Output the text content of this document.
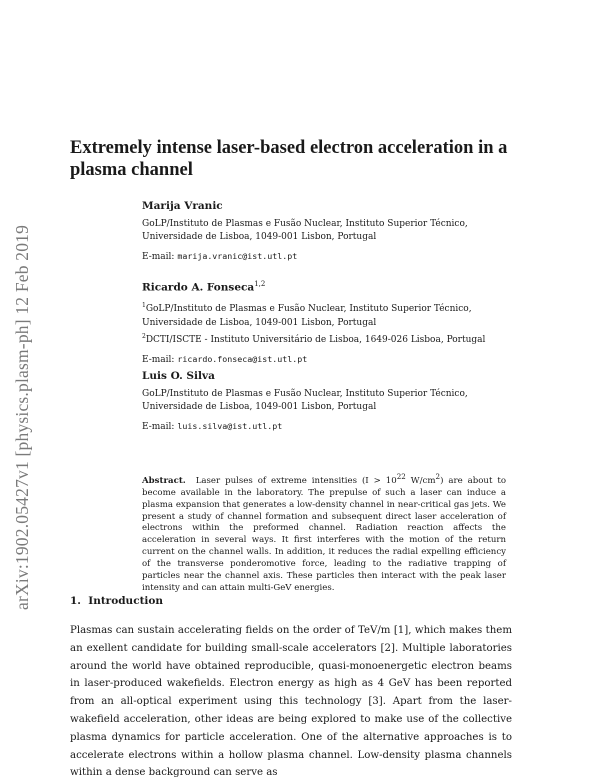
arXiv:1902.05427v1 [physics.plasm-ph] 12 Feb 2019
Extremely intense laser-based electron acceleration in a plasma channel
Marija Vranic
GoLP/Instituto de Plasmas e Fusão Nuclear, Instituto Superior Técnico,
Universidade de Lisboa, 1049-001 Lisbon, Portugal
E-mail: marija.vranic@ist.utl.pt
Ricardo A. Fonseca$^{1,2}$
$^1$GoLP/Instituto de Plasmas e Fusão Nuclear, Instituto Superior Técnico,
Universidade de Lisboa, 1049-001 Lisbon, Portugal
$^2$DCTI/ISCTE - Instituto Universitário de Lisboa, 1649-026 Lisboa, Portugal
E-mail: ricardo.fonseca@ist.utl.pt
Luis O. Silva
GoLP/Instituto de Plasmas e Fusão Nuclear, Instituto Superior Técnico,
Universidade de Lisboa, 1049-001 Lisbon, Portugal
E-mail: luis.silva@ist.utl.pt

Abstract. Laser pulses of extreme intensities ($I > 10^{22}$ $W/cm^2$) are about to become available in the laboratory. The prepulse of such a laser can induce a plasma expansion that generates a low-density channel in near-critical gas jets. We present a study of channel formation and subsequent direct laser acceleration of electrons within the preformed channel. Radiation reaction affects the acceleration in several ways. It first interferes with the motion of the return current on the channel walls. In addition, it reduces the radial expelling efficiency of the transverse ponderomotive force, leading to the radiative trapping of particles near the channel axis. These particles then interact with the peak laser intensity and can attain multi-GeV energies.

1. Introduction

Plasmas can sustain accelerating fields on the order of TeV/m [1], which makes them an exellent candidate for building small-scale accelerators [2]. Multiple laboratories around the world have obtained reproducible, quasi-monoenergetic electron beams in laser-produced wakefields. Electron energy as high as 4 GeV has been reported from an all-optical experiment using this technology [3]. Apart from the laser-wakefield acceleration, other ideas are being explored to make use of the collective plasma dynamics for particle acceleration. One of the alternative approaches is to accelerate electrons within a hollow plasma channel. Low-density plasma channels within a dense background can serve as
